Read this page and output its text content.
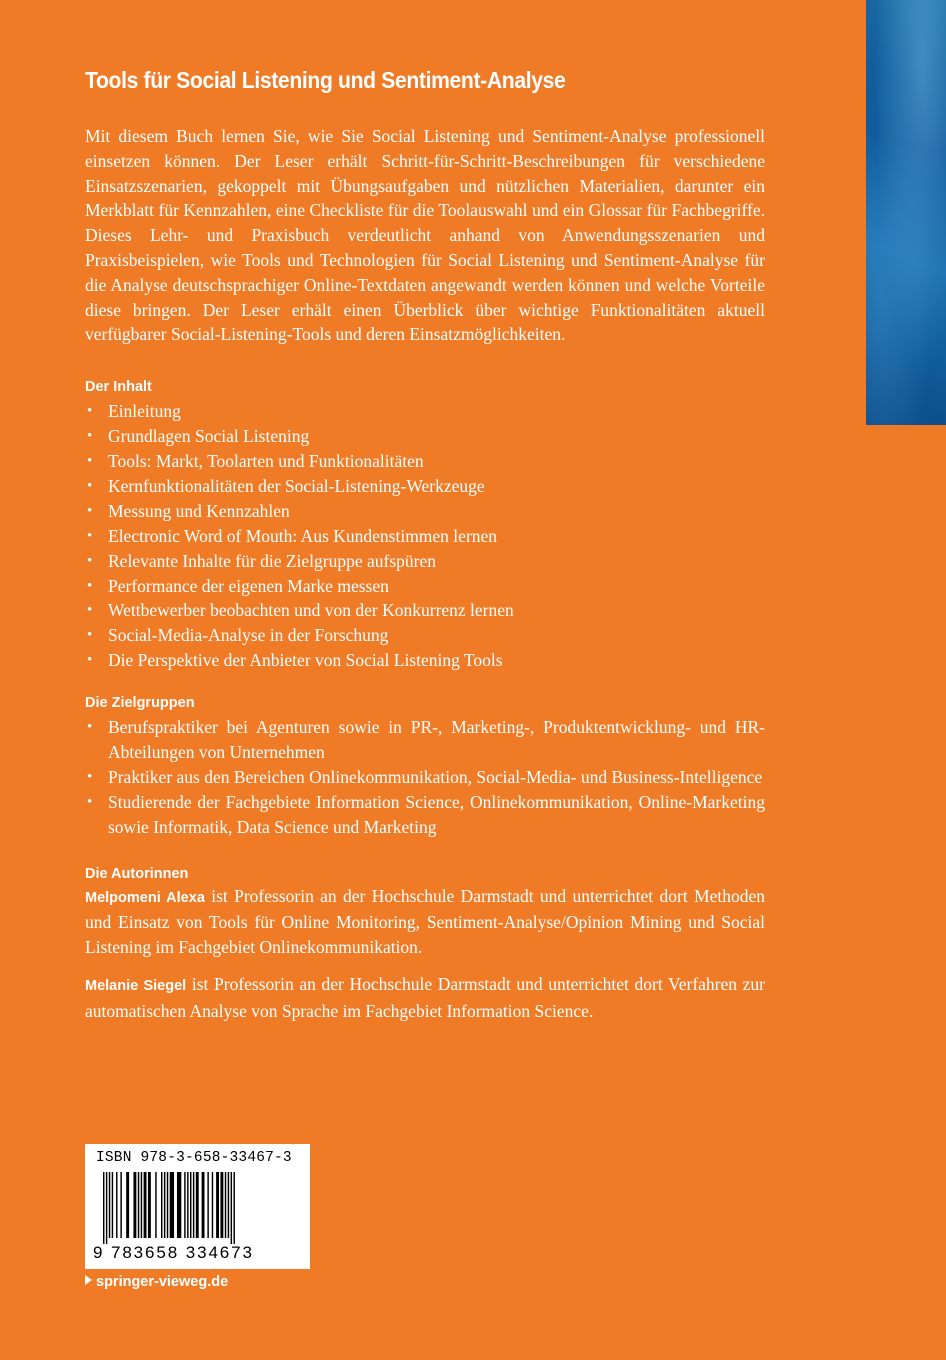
Tools für Social Listening und Sentiment-Analyse

Mit diesem Buch lernen Sie, wie Sie Social Listening und Sentiment-Analyse professionell einsetzen können. Der Leser erhält Schritt-für-Schritt-Beschreibungen für verschiedene Einsatzszenarien, gekoppelt mit Übungsaufgaben und nützlichen Materialien, darunter ein Merkblatt für Kennzahlen, eine Checkliste für die Toolauswahl und ein Glossar für Fachbegriffe. Dieses Lehr- und Praxisbuch verdeutlicht anhand von Anwendungsszenarien und Praxisbeispielen, wie Tools und Technologien für Social Listening und Sentiment-Analyse für die Analyse deutschsprachiger Online-Textdaten angewandt werden können und welche Vorteile diese bringen. Der Leser erhält einen Überblick über wichtige Funktionalitäten aktuell verfügbarer Social-Listening-Tools und deren Einsatzmöglichkeiten.

Der Inhalt
• Einleitung
• Grundlagen Social Listening
• Tools: Markt, Toolarten und Funktionalitäten
• Kernfunktionalitäten der Social-Listening-Werkzeuge
• Messung und Kennzahlen
• Electronic Word of Mouth: Aus Kundenstimmen lernen
• Relevante Inhalte für die Zielgruppe aufspüren
• Performance der eigenen Marke messen
• Wettbewerber beobachten und von der Konkurrenz lernen
• Social-Media-Analyse in der Forschung
• Die Perspektive der Anbieter von Social Listening Tools
Die Zielgruppen
• Berufspraktiker bei Agenturen sowie in PR-, Marketing-, Produktentwicklung- und HR-Abteilungen von Unternehmen
• Praktiker aus den Bereichen Onlinekommunikation, Social-Media- und Business-Intelligence
• Studierende der Fachgebiete Information Science, Onlinekommunikation, Online-Marketing sowie Informatik, Data Science und Marketing
Die Autorinnen

Melpomeni Alexa ist Professorin an der Hochschule Darmstadt und unterrichtet dort Methoden und Einsatz von Tools für Online Monitoring, Sentiment-Analyse/Opinion Mining und Social Listening im Fachgebiet Onlinekommunikation.

Melanie Siegel ist Professorin an der Hochschule Darmstadt und unterrichtet dort Verfahren zur automatischen Analyse von Sprache im Fachgebiet Information Science.

ISBN 978-3-658-33467-3
9 783658 334673
springer-vieweg.de
